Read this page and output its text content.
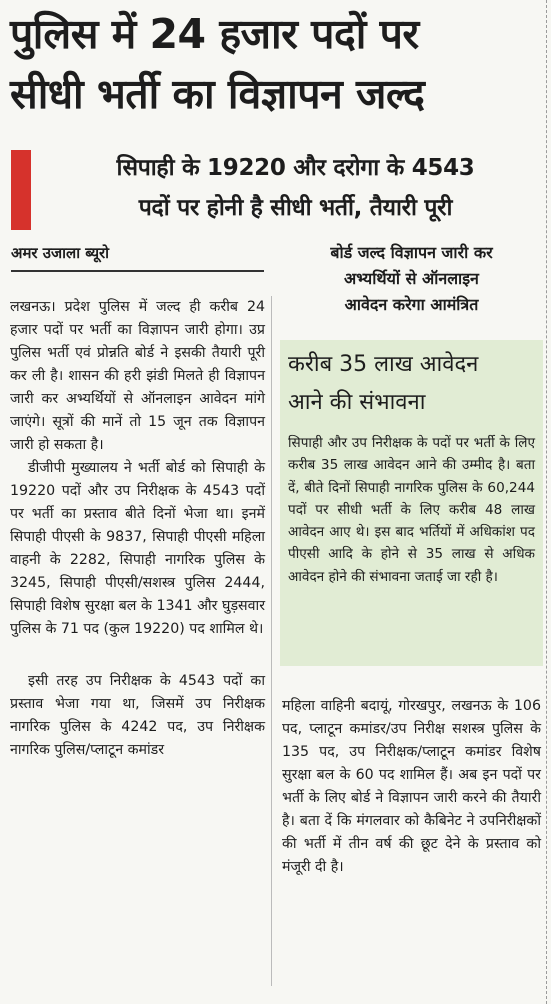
पुलिस में 24 हजार पदों पर
सीधी भर्ती का विज्ञापन जल्द
सिपाही के 19220 और दरोगा के 4543
पदों पर होनी है सीधी भर्ती, तैयारी पूरी
अमर उजाला ब्यूरो	बोर्ड जल्द विज्ञापन जारी कर
अभ्यर्थियों से ऑनलाइन
आवेदन करेगा आमंत्रित
करीब 35 लाख आवेदन
आने की संभावना
सिपाही और उप निरीक्षक के पदों पर भर्ती के लिए करीब 35 लाख आवेदन आने की उम्मीद है। बता दें, बीते दिनों सिपाही नागरिक पुलिस के 60,244 पदों पर सीधी भर्ती के लिए करीब 48 लाख आवेदन आए थे। इस बाद भर्तियों में अधिकांश पद पीएसी आदि के होने से 35 लाख से अधिक आवेदन होने की संभावना जताई जा रही है।

लखनऊ। प्रदेश पुलिस में जल्द ही करीब 24 हजार पदों पर भर्ती का विज्ञापन जारी होगा। उप्र पुलिस भर्ती एवं प्रोन्नति बोर्ड ने इसकी तैयारी पूरी कर ली है। शासन की हरी झंडी मिलते ही विज्ञापन जारी कर अभ्यर्थियों से ऑनलाइन आवेदन मांगे जाएंगे। सूत्रों की मानें तो 15 जून तक विज्ञापन जारी हो सकता है।

डीजीपी मुख्यालय ने भर्ती बोर्ड को सिपाही के 19220 पदों और उप निरीक्षक के 4543 पदों पर भर्ती का प्रस्ताव बीते दिनों भेजा था। इनमें सिपाही पीएसी के 9837, सिपाही पीएसी महिला वाहनी के 2282, सिपाही नागरिक पुलिस के 3245, सिपाही पीएसी/सशस्त्र पुलिस 2444, सिपाही विशेष सुरक्षा बल के 1341 और घुड़सवार पुलिस के 71 पद (कुल 19220) पद शामिल थे।

इसी तरह उप निरीक्षक के 4543 पदों का प्रस्ताव भेजा गया था, जिसमें उप निरीक्षक नागरिक पुलिस के 4242 पद, उप निरीक्षक नागरिक पुलिस/प्लाटून कमांडर

महिला वाहिनी बदायूं, गोरखपुर, लखनऊ के 106 पद, प्लाटून कमांडर/उप निरीक्ष सशस्त्र पुलिस के 135 पद, उप निरीक्षक/प्लाटून कमांडर विशेष सुरक्षा बल के 60 पद शामिल हैं। अब इन पदों पर भर्ती के लिए बोर्ड ने विज्ञापन जारी करने की तैयारी है। बता दें कि मंगलवार को कैबिनेट ने उपनिरीक्षकों की भर्ती में तीन वर्ष की छूट देने के प्रस्ताव को मंजूरी दी है।
